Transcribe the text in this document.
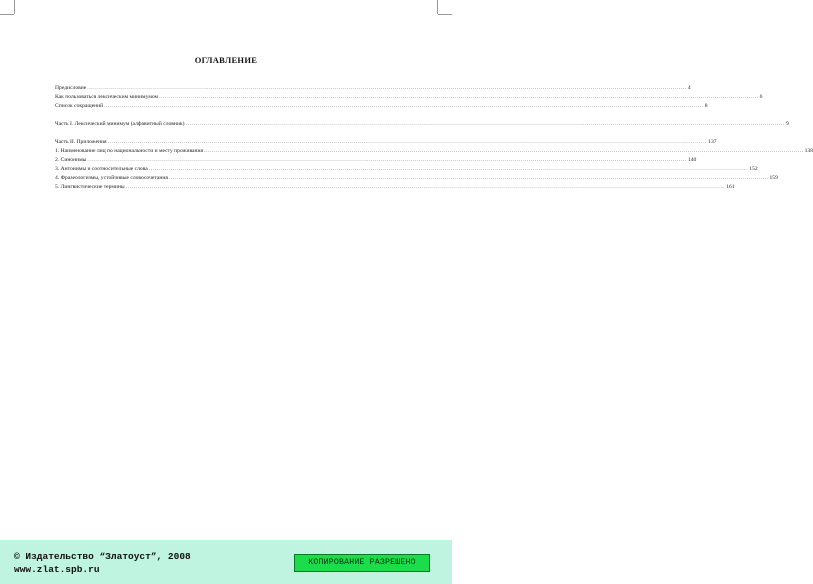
ОГЛАВЛЕНИЕ
Предисловие ............................................................................................................................................................................................................................................................................................................ 4
Как пользоваться лексическим минимумом ............................................................................................................................................................................................................................................................................................................ 6
Список сокращений ............................................................................................................................................................................................................................................................................................................ 8
Часть I. Лексический минимум (алфавитный словник) ............................................................................................................................................................................................................................................................................................................ 9
Часть II. Приложения ............................................................................................................................................................................................................................................................................................................ 137
1. Наименование лиц по национальности и месту проживания ............................................................................................................................................................................................................................................................................................................ 138
2. Синонимы ............................................................................................................................................................................................................................................................................................................ 140
3. Антонимы и соотносительные слова ............................................................................................................................................................................................................................................................................................................ 152
4. Фразеологизмы, устойчивые словосочетания ............................................................................................................................................................................................................................................................................................................ 159
5. Лингвистические термины ............................................................................................................................................................................................................................................................................................................ 161
© Издательство “Златоуст”, 2008
www.zlat.spb.ru
КОПИРОВАНИЕ РАЗРЕШЕНО
